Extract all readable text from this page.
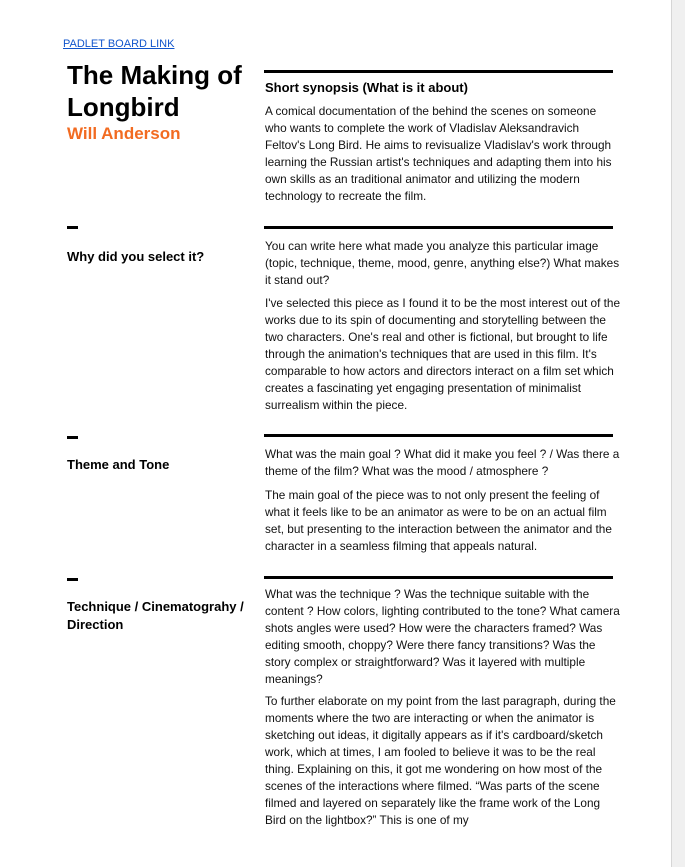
PADLET BOARD LINK
The Making of Longbird
Will Anderson
Short synopsis (What is it about)

A comical documentation of the behind the scenes on someone who wants to complete the work of Vladislav Aleksandravich Feltov's Long Bird. He aims to revisualize Vladislav's work through learning the Russian artist's techniques and adapting them into his own skills as an traditional animator and utilizing the modern technology to recreate the film.

Why did you select it?

You can write here what made you analyze this particular image (topic, technique, theme, mood, genre, anything else?) What makes it stand out?

I've selected this piece as I found it to be the most interest out of the works due to its spin of documenting and storytelling between the two characters. One's real and other is fictional, but brought to life through the animation's techniques that are used in this film. It's comparable to how actors and directors interact on a film set which creates a fascinating yet engaging presentation of minimalist surrealism within the piece.

Theme and Tone

What was the main goal ? What did it make you feel ? / Was there a theme of the film? What was the mood / atmosphere ?

The main goal of the piece was to not only present the feeling of what it feels like to be an animator as were to be on an actual film set, but presenting to the interaction between the animator and the character in a seamless filming that appeals natural.

Technique / Cinematograhy / Direction

What was the technique ? Was the technique suitable with the content ? How colors, lighting contributed to the tone? What camera shots angles were used? How were the characters framed? Was editing smooth, choppy? Were there fancy transitions? Was the story complex or straightforward? Was it layered with multiple meanings?

To further elaborate on my point from the last paragraph, during the moments where the two are interacting or when the animator is sketching out ideas, it digitally appears as if it's cardboard/sketch work, which at times, I am fooled to believe it was to be the real thing. Explaining on this, it got me wondering on how most of the scenes of the interactions where filmed. “Was parts of the scene filmed and layered on separately like the frame work of the Long Bird on the lightbox?” This is one of my
